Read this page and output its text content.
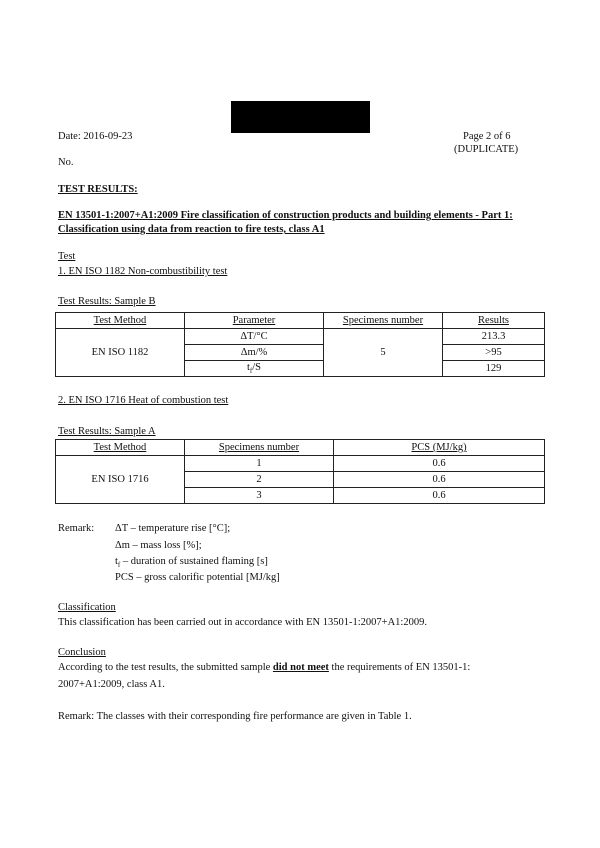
Date: 2016-09-23	Page 2 of 6
(DUPLICATE)
No.
TEST RESULTS:
EN 13501-1:2007+A1:2009 Fire classification of construction products and building elements - Part 1:
Classification using data from reaction to fire tests, class A1
Test
1. EN ISO 1182 Non-combustibility test
Test Results: Sample B
Test Method	Parameter	Specimens number	Results
EN ISO 1182	ΔT/°C	5	213.3
	Δm/%		>95
	$t_f/S$		129
2. EN ISO 1716 Heat of combustion test
Test Results: Sample A
Test Method	Specimens number	PCS (MJ/kg)
EN ISO 1716	1	0.6
	2	0.6
	3	0.6
Remark: ΔT – temperature rise [°C];
Δm – mass loss [%];
$t_f$ – duration of sustained flaming [s]
PCS – gross calorific potential [MJ/kg]
Classification
This classification has been carried out in accordance with EN 13501-1:2007+A1:2009.
Conclusion
According to the test results, the submitted sample did not meet the requirements of EN 13501-1:
2007+A1:2009, class A1.
Remark: The classes with their corresponding fire performance are given in Table 1.
